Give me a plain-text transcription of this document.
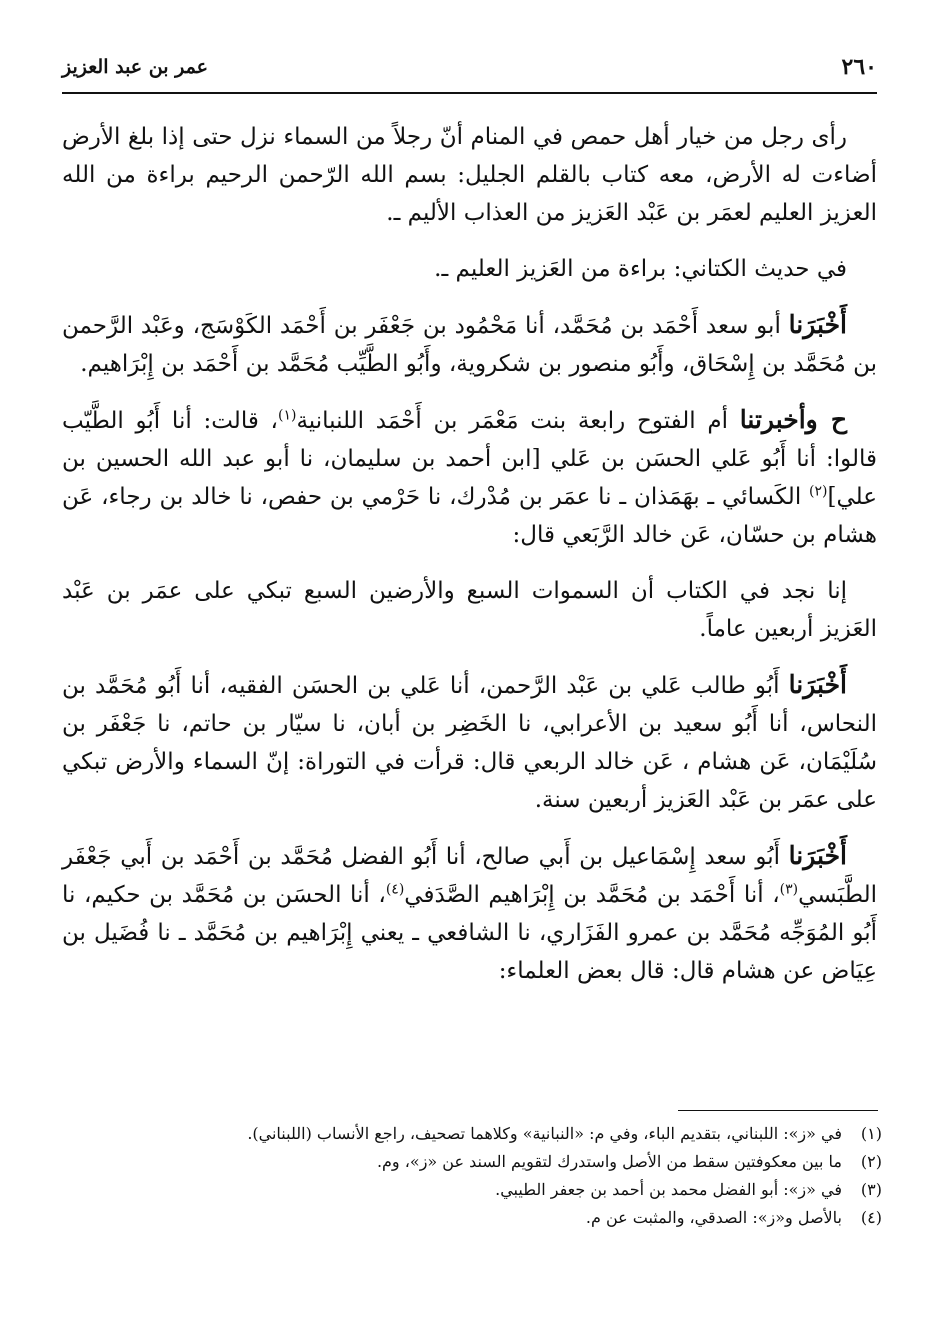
٢٦٠
عمر بن عبد العزيز

رأى رجل من خيار أهل حمص في المنام أنّ رجلاً من السماء نزل حتى إذا بلغ الأرض أضاءت له الأرض، معه كتاب بالقلم الجليل: بسم الله الرّحمن الرحيم براءة من الله العزيز العليم لعمَر بن عَبْد العَزيز من العذاب الأليم ـ.

في حديث الكتاني: براءة من العَزيز العليم ـ.

أَخْبَرَنا أبو سعد أَحْمَد بن مُحَمَّد، أنا مَحْمُود بن جَعْفَر بن أَحْمَد الكَوْسَج، وعَبْد الرَّحمن بن مُحَمَّد بن إِسْحَاق، وأَبُو منصور بن شكروية، وأَبُو الطَّيِّب مُحَمَّد بن أَحْمَد بن إِبْرَاهيم.

ح وأخبرتنا أم الفتوح رابعة بنت مَعْمَر بن أَحْمَد اللنبانية$^{(١)}$، قالت: أنا أَبُو الطَّيّب قالوا: أنا أَبُو عَلي الحسَن بن عَلي [ابن أحمد بن سليمان، نا أبو عبد الله الحسين بن علي]$^{(٢)}$ الكَسائي ـ بهَمَذان ـ نا عمَر بن مُدْرك، نا حَرْمي بن حفص، نا خالد بن رجاء، عَن هشام بن حسّان، عَن خالد الرَّبَعي قال:

إنا نجد في الكتاب أن السموات السبع والأرضين السبع تبكي على عمَر بن عَبْد العَزيز أربعين عاماً.

أَخْبَرَنا أَبُو طالب عَلي بن عَبْد الرَّحمن، أنا عَلي بن الحسَن الفقيه، أنا أَبُو مُحَمَّد بن النحاس، أنا أَبُو سعيد بن الأعرابي، نا الخَضِر بن أبان، نا سيّار بن حاتم، نا جَعْفَر بن سُلَيْمَان، عَن هشام ، عَن خالد الربعي قال: قرأت في التوراة: إنّ السماء والأرض تبكي على عمَر بن عَبْد العَزيز أربعين سنة.

أَخْبَرَنا أَبُو سعد إِسْمَاعيل بن أَبي صالح، أنا أَبُو الفضل مُحَمَّد بن أَحْمَد بن أَبي جَعْفَر الطَّبَسي$^{(٣)}$، أنا أَحْمَد بن مُحَمَّد بن إِبْرَاهيم الصَّدَفي$^{(٤)}$، أنا الحسَن بن مُحَمَّد بن حكيم، نا أَبُو المُوَجِّه مُحَمَّد بن عمرو الفَزَاري، نا الشافعي ـ يعني إِبْرَاهيم بن مُحَمَّد ـ نا فُضَيل بن عِيَاض عن هشام قال: قال بعض العلماء:

(١)
في «ز»: اللبناني، بتقديم الباء، وفي م: «النبانية» وكلاهما تصحيف، راجع الأنساب (اللبناني).
(٢)
ما بين معكوفتين سقط من الأصل واستدرك لتقويم السند عن «ز»، وم.
(٣)
في «ز»: أبو الفضل محمد بن أحمد بن جعفر الطيبي.
(٤)
بالأصل و«ز»: الصدقي، والمثبت عن م.
